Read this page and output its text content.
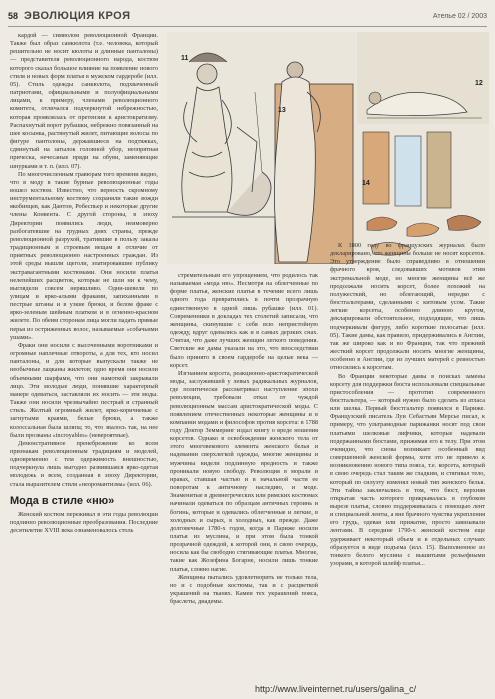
58 ЭВОЛЮЦИЯ КРОЯ	Ателье 02 / 2003

кардой — символом революционной Франции. Также был образ санкюлота (т.е. человека, который решительно не носит кюлоты и длинные панталоны) — представителя революционного народа, костюм которого сказал большое влияние на появление нового стиля и новых форм платья в мужском гардеробе (илл. 05). Стиль одежды санкюлота, подхваченный патриотами, официальными и полуофициальными лицами, к примеру, членами революционного комитета, отличался подчеркнутой небрежностью, которая проявлялась от претензии к аристократизму. Распахнутый ворот рубашки, небрежно повязанный на шее косынка, растянутый жилет, питающие волосы по фигуре пантолоны, державшиеся на подтяжках, сдвинутый на затылок головной убор, неопрятная прическа, нечесаные пряди на обуви, заменяющие шнурками и т. п. (илл. 07).

По многочисленным гравюрам того времени видно, что в моду в такие бурные революционные годы вошел костюм. Известно, что верность скромному инструментальному костюму сохраняли такие вожди якобинцев, как Дантон, Робеспьер и некоторые другие члены Конвента. С другой стороны, в эпоху Директории появились люди, неимоверно разбогатевшие на грудных днях страны, прежде революционной разрухой, тратившие в пользу заказы традиционным и строевым вещам в отличие от приятных революционно настроенных граждан. Из этой среды вышли щеголи, эпатировавшие публику экстравагантными костюмами. Они носили платья нелепейших расцветок, которые не шли ни к чему, выглядели совсем неряшливо. Одни-шевели по улицам и ярко-алыми фраками, запиханными в пестрые штаны и в узкие брюки, и белом фраке с ярко-зеленым шейным платком и в огненно-красном жилете. По обеим сторонам лица могли падать прямые перья из остриженных волос, называемые «собачьими ушами».

Фраки они носили с высоченными воротниками и огромные наплечные отвороты, а для тех, кто носил панталоны, и для которые выпускали также не необычные лацканы жилетов; одно время они носили объемными шарфами, что они намоткой закрывали лицо. Эти молодые люди, понявшие характерный манере одеваться, заставляли их носить — эти моды. Также они носили чрезвычайно пестрый и странный стиль. Желтый огромный жилет, ярко-коричневые с загнутыми краями, белые брюки, а также колоссальная была шляпа; то, что звалось так, на нее были прозваны «incroyables» (невероятные).

Демонстративное пренебрежение ко всем признакам революционным традициям и моделей, одновременно с тем одержимость внешностью, подчеркнула лишь выгодно развившаяся ярко-одетая молодежь и всем, созданная в эпоху Директории, стала выразителем стиля «неоромантизма» (илл. 06).

Мода в стиле «ню»

Женский костюм переживал в эти годы революции подлинно революционные преобразования. Последние десятилетие XVIII века ознаменовалось столь

11
12
13
14

стремительным его упрощением, что родилось так называемая «мода ню». Несмотря на облегченные по форме платья, женские платья в течение всего лишь одного года превратились в почти прозрачную единственную в одной лишь рубашке (илл. 01). Современники в докладах тех столетий записали, что женщины, скинувшие с себя всю непристойную одежду, вдруг одевались как и в самых дерзких снах. Считая, что даже лучших женщин легкого поведения. Светские же дамы указали на это, что впоследствии было принято в своем гардеробе на целые века — корсет.

Изгнанием корсета, реакционно-аристократической моды, заслужившей у левых радикальных журналов, где политически рассматривал наступление эпохи революции, требовали отказ от чуждой революционным массам аристократической моды. С появлением отечественных некоторые женщины и в компании модами и философов против корсета: в 1788 году Доктор Земмеринг издал книгу о вреде ношения корсетов. Однако в освобождении женского тела от этого многовекового элемента женского белья и надевании сверхлегкой одежды, многие женщины и мужчины видели подлинную вредность и также проникали новую свободу. Революция в морали и нравах, ставшая частью и в начальной части ее поворотам к античному наследию, и моде. Знаменитые в древнегреческих или римских костюмах начинали одеваться по образцам античных героинь и богинь, которые и одевались облегченные и легкие, в холодных и сырых, в холодных, как прежде. Даже долговечные 1780-х годов, когда в Париже носили платья из муслина, и при этом была тонкой прозрачной одеждой, к которой они, в свою очередь, носила как бы свободно стягивающие платья. Многие, такие как Жозефина Богарне, носили лишь тонкие платья, словно нагие.

Женщины пытались удовлетворить не только тела, но и с подобные костюмы, так и с расцветкой украшений на тканях. Камеи тех украшений пояса, браслеты, диадемы.

К 1800 году во французских журналах было декларировано, что женщины больше не носят корсетов. Это утверждение было справедливо в отношении фрачного кроя, следовавших мотивов этим экстремальной моде, но многие женщины всё же продолжали носить корсет, более похожий на полужесткий, но облегающий, нередко с бюстгальтерами, сделанными с китовым усом. Такие легкие корсеты, особенно длиною кругом, декларировали обстоятельное, подходящие, что лишь подчеркивали фигуру, либо короткие полосатые (илл. 05). Такие дамы, как правило, придерживались в Англии, так же широко как и во Франции, так что прежний жесткий корсет продолжали носить многие женщины, особенно в Англии, где из лучших матерей с ревностью относились к корсетам.

Во Франции некоторые дамы в поисках замены корсету для поддержки бюста использовали специальные пристособления — прототип современного бюстгальтера, — который нужно было сделать из атласа или шелка. Первый бюстгальтер появился в Париже. Французский писатель Луи Себастьян Мерсье писал, к примеру, что ультрамодные парижанки носят под свои платьями шелковые лифчики, которые надевали подержанными бюстами, прижимая его к телу. При этом очевидно, что снова возникает особенный вид совершенной женской формы, хотя это не привело к возникновению нового типа пояса, т.е. корсета, который в свою очередь стал таким же гладким, и стягивал тело, который по силуэту изменял новый тип женского белья. Эти тайны заключались в том, что бюст, верхняя открытая часть которого прикрывалась в глубоком вырезе платья, словно поддерживалась с помощью лент и специальной ленты, а вне брачного чувства укрепления его грудь, одевая или прижатие, просто завязывали лентами. В середине 1790-х женский костюм еще удерживает некоторый объем и в отдельных случаях образуется в виде подъема (илл. 15). Выполненное из тонкого белого муслина с вышитыми рельефными узорами, в которой шлейф платья...

http://www.liveinternet.ru/users/galina_c/
